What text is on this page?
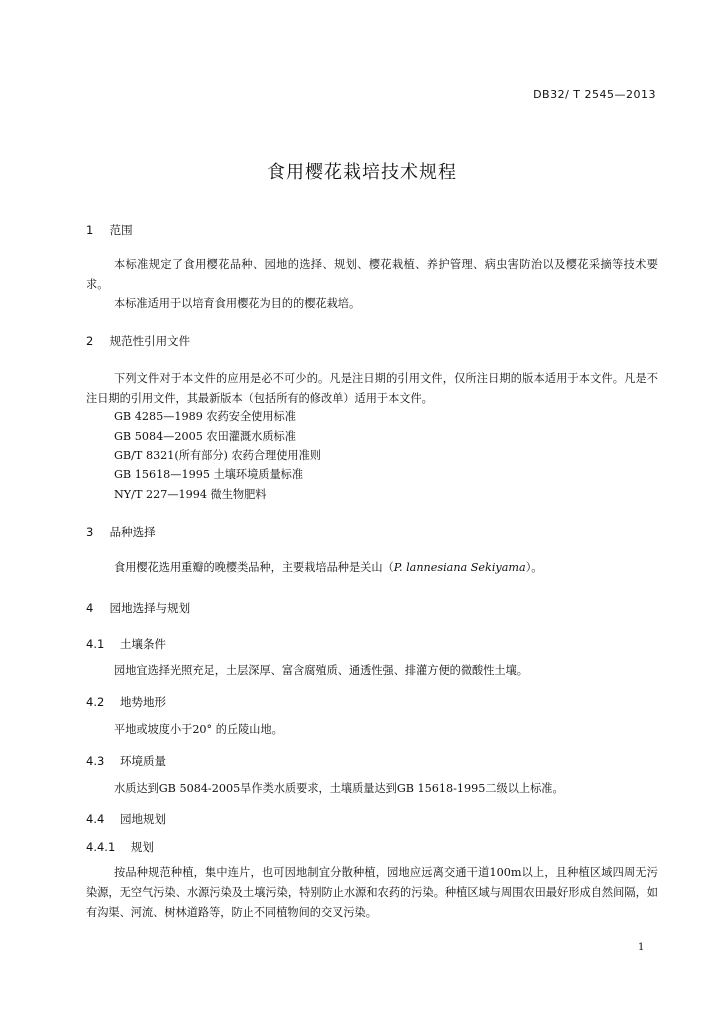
DB32/ T 2545—2013
食用樱花栽培技术规程
1 范围
本标准规定了食用樱花品种、园地的选择、规划、樱花栽植、养护管理、病虫害防治以及樱花采摘等技术要求。
本标准适用于以培育食用樱花为目的的樱花栽培。
2 规范性引用文件
下列文件对于本文件的应用是必不可少的。凡是注日期的引用文件，仅所注日期的版本适用于本文件。凡是不注日期的引用文件，其最新版本（包括所有的修改单）适用于本文件。
GB 4285—1989 农药安全使用标准
GB 5084—2005 农田灌溉水质标准
GB/T 8321(所有部分) 农药合理使用准则
GB 15618—1995 土壤环境质量标准
NY/T 227—1994 微生物肥料
3 品种选择
食用樱花选用重瓣的晚樱类品种，主要栽培品种是关山（P. lannesiana Sekiyama）。
4 园地选择与规划
4.1 土壤条件
园地宜选择光照充足，土层深厚、富含腐殖质、通透性强、排灌方便的微酸性土壤。
4.2 地势地形
平地或坡度小于20° 的丘陵山地。
4.3 环境质量
水质达到GB 5084-2005旱作类水质要求，土壤质量达到GB 15618-1995二级以上标准。
4.4 园地规划
4.4.1 规划
按品种规范种植，集中连片，也可因地制宜分散种植，园地应远离交通干道100m以上，且种植区域四周无污染源，无空气污染、水源污染及土壤污染，特别防止水源和农药的污染。种植区域与周围农田最好形成自然间隔，如有沟渠、河流、树林道路等，防止不同植物间的交叉污染。
1
